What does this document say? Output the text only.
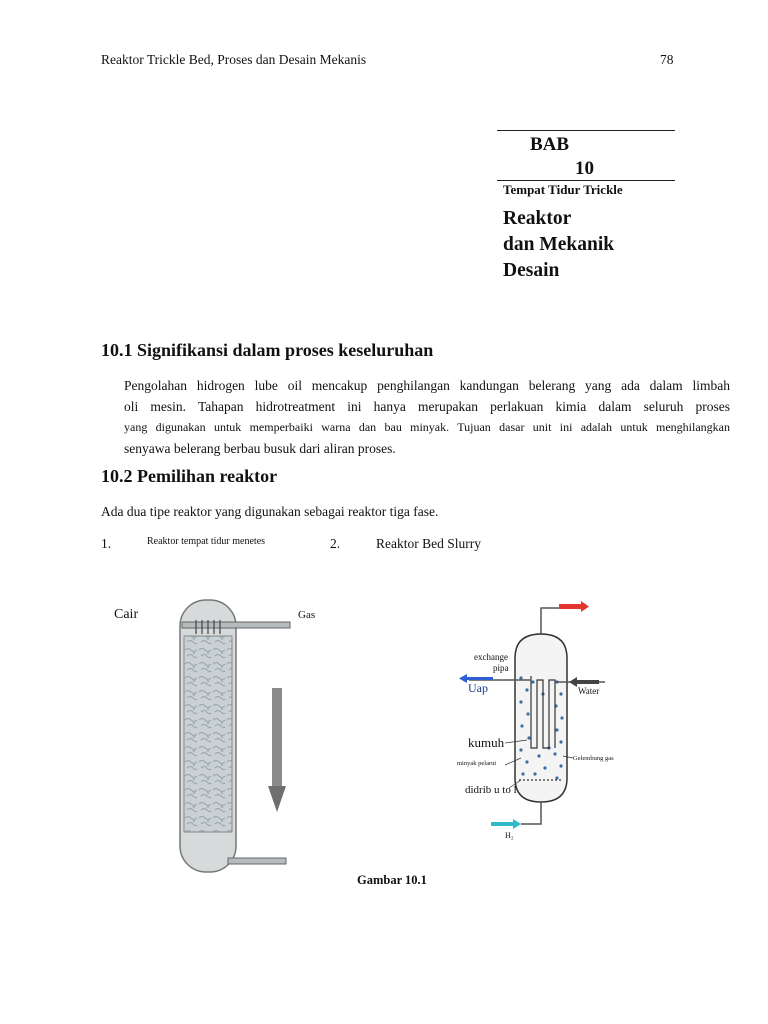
Reaktor Trickle Bed, Proses dan Desain Mekanis	78
BAB
10
Tempat Tidur Trickle
Reaktor
dan Mekanik
Desain
10.1 Signifikansi dalam proses keseluruhan
Pengolahan hidrogen lube oil mencakup penghilangan kandungan belerang yang ada dalam limbah
oli mesin. Tahapan hidrotreatment ini hanya merupakan perlakuan kimia dalam seluruh proses
yang digunakan untuk memperbaiki warna dan bau minyak. Tujuan dasar unit ini adalah untuk menghilangkan
senyawa belerang berbau busuk dari aliran proses.
10.2 Pemilihan reaktor
Ada dua tipe reaktor yang digunakan sebagai reaktor tiga fase.
1.	Reaktor tempat tidur menetes	2.	Reaktor Bed Slurry
Cair	Gas
exchange
pipa
Uap	Water
kumuh
minyak pelarut
Gelembung gas
didrib u to l
H₂
Gambar 10.1
